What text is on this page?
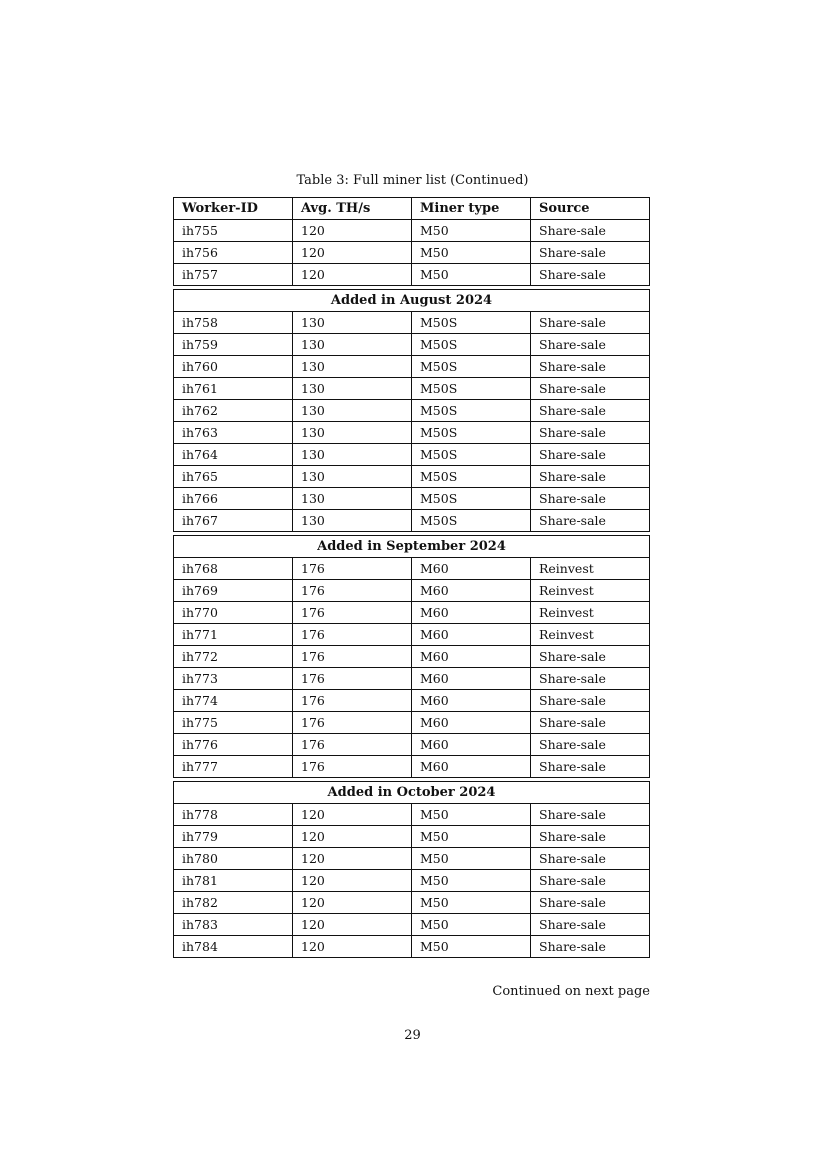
Table 3: Full miner list (Continued)
Worker-ID	Avg. TH/s	Miner type	Source
ih755	120	M50	Share-sale
ih756	120	M50	Share-sale
ih757	120	M50	Share-sale
Added in August 2024
ih758	130	M50S	Share-sale
ih759	130	M50S	Share-sale
ih760	130	M50S	Share-sale
ih761	130	M50S	Share-sale
ih762	130	M50S	Share-sale
ih763	130	M50S	Share-sale
ih764	130	M50S	Share-sale
ih765	130	M50S	Share-sale
ih766	130	M50S	Share-sale
ih767	130	M50S	Share-sale
Added in September 2024
ih768	176	M60	Reinvest
ih769	176	M60	Reinvest
ih770	176	M60	Reinvest
ih771	176	M60	Reinvest
ih772	176	M60	Share-sale
ih773	176	M60	Share-sale
ih774	176	M60	Share-sale
ih775	176	M60	Share-sale
ih776	176	M60	Share-sale
ih777	176	M60	Share-sale
Added in October 2024
ih778	120	M50	Share-sale
ih779	120	M50	Share-sale
ih780	120	M50	Share-sale
ih781	120	M50	Share-sale
ih782	120	M50	Share-sale
ih783	120	M50	Share-sale
ih784	120	M50	Share-sale
Continued on next page
29
